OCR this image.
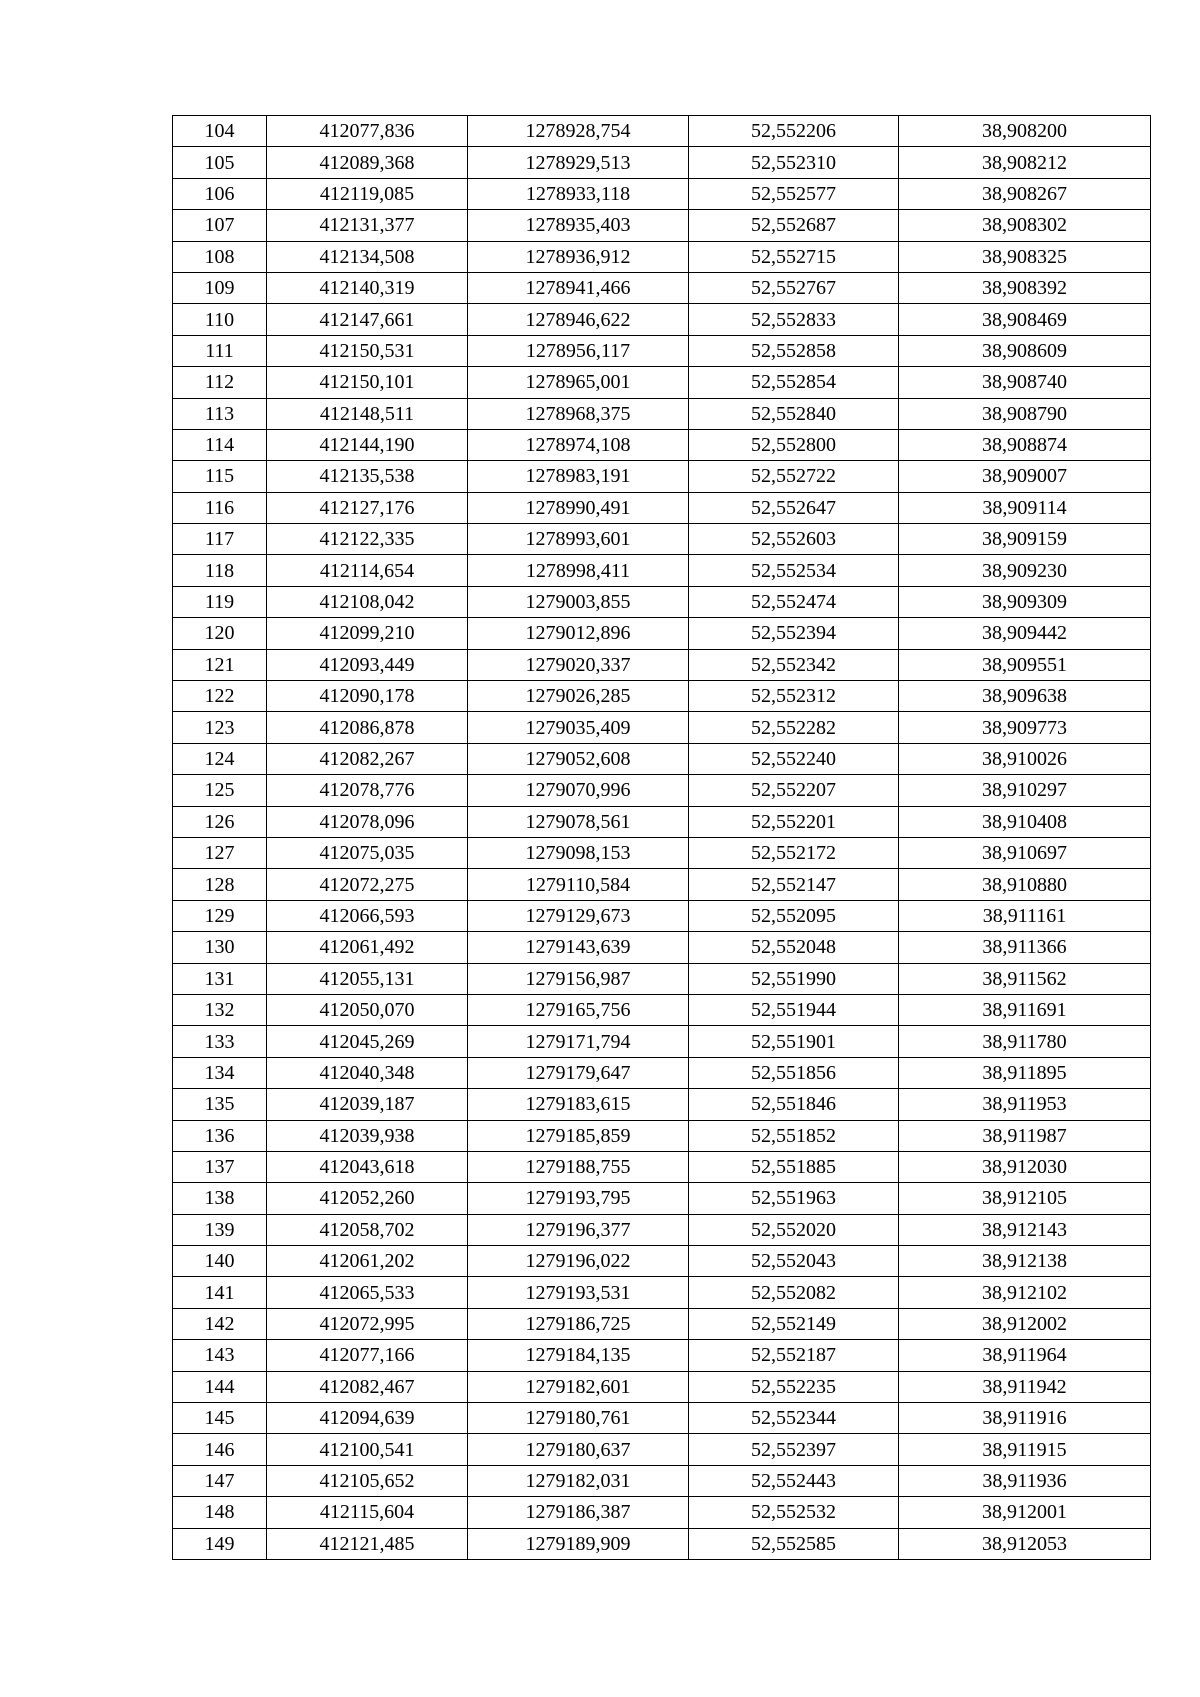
104	412077,836	1278928,754	52,552206	38,908200
105	412089,368	1278929,513	52,552310	38,908212
106	412119,085	1278933,118	52,552577	38,908267
107	412131,377	1278935,403	52,552687	38,908302
108	412134,508	1278936,912	52,552715	38,908325
109	412140,319	1278941,466	52,552767	38,908392
110	412147,661	1278946,622	52,552833	38,908469
111	412150,531	1278956,117	52,552858	38,908609
112	412150,101	1278965,001	52,552854	38,908740
113	412148,511	1278968,375	52,552840	38,908790
114	412144,190	1278974,108	52,552800	38,908874
115	412135,538	1278983,191	52,552722	38,909007
116	412127,176	1278990,491	52,552647	38,909114
117	412122,335	1278993,601	52,552603	38,909159
118	412114,654	1278998,411	52,552534	38,909230
119	412108,042	1279003,855	52,552474	38,909309
120	412099,210	1279012,896	52,552394	38,909442
121	412093,449	1279020,337	52,552342	38,909551
122	412090,178	1279026,285	52,552312	38,909638
123	412086,878	1279035,409	52,552282	38,909773
124	412082,267	1279052,608	52,552240	38,910026
125	412078,776	1279070,996	52,552207	38,910297
126	412078,096	1279078,561	52,552201	38,910408
127	412075,035	1279098,153	52,552172	38,910697
128	412072,275	1279110,584	52,552147	38,910880
129	412066,593	1279129,673	52,552095	38,911161
130	412061,492	1279143,639	52,552048	38,911366
131	412055,131	1279156,987	52,551990	38,911562
132	412050,070	1279165,756	52,551944	38,911691
133	412045,269	1279171,794	52,551901	38,911780
134	412040,348	1279179,647	52,551856	38,911895
135	412039,187	1279183,615	52,551846	38,911953
136	412039,938	1279185,859	52,551852	38,911987
137	412043,618	1279188,755	52,551885	38,912030
138	412052,260	1279193,795	52,551963	38,912105
139	412058,702	1279196,377	52,552020	38,912143
140	412061,202	1279196,022	52,552043	38,912138
141	412065,533	1279193,531	52,552082	38,912102
142	412072,995	1279186,725	52,552149	38,912002
143	412077,166	1279184,135	52,552187	38,911964
144	412082,467	1279182,601	52,552235	38,911942
145	412094,639	1279180,761	52,552344	38,911916
146	412100,541	1279180,637	52,552397	38,911915
147	412105,652	1279182,031	52,552443	38,911936
148	412115,604	1279186,387	52,552532	38,912001
149	412121,485	1279189,909	52,552585	38,912053
